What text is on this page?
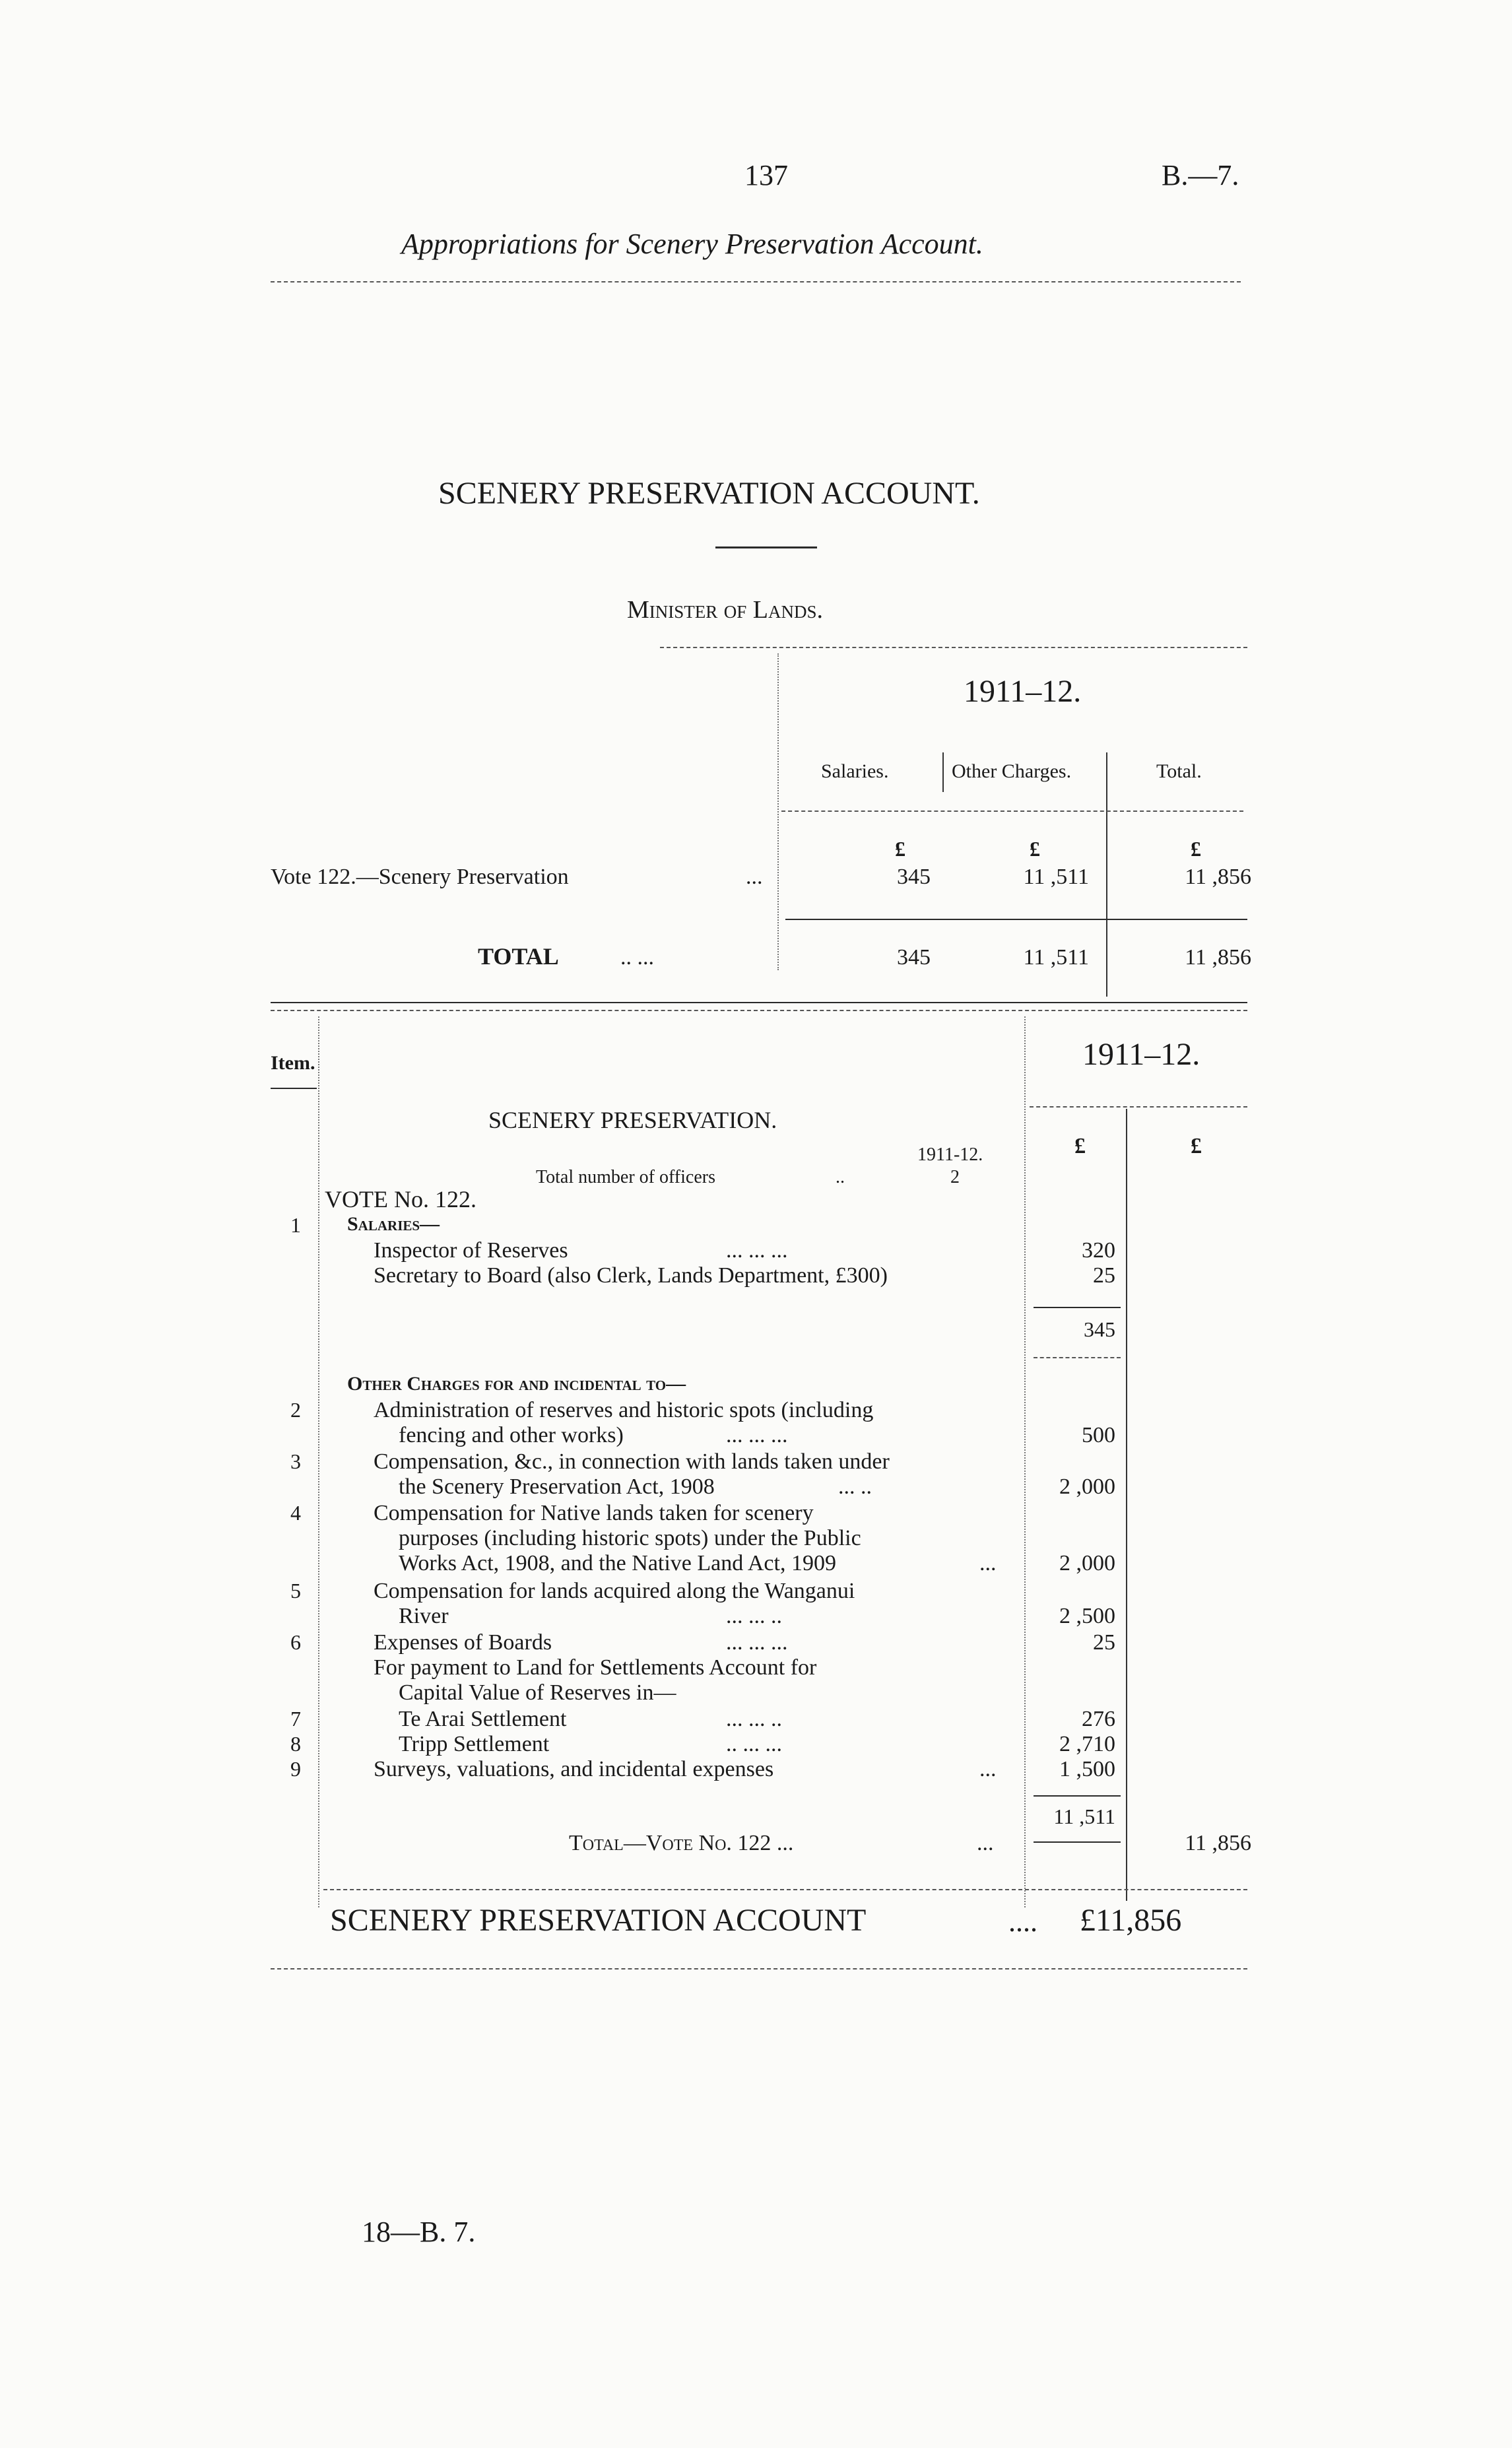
137	B.—7.
Appropriations for Scenery Preservation Account.
SCENERY PRESERVATION ACCOUNT.
Minister of Lands.
1911–12.
Salaries.	Other Charges.	Total.
£	£	£
Vote 122.—Scenery Preservation	...	345	11 ,511	11 ,856
TOTAL	.. ...	345	11 ,511	11 ,856
Item.	1911–12.
SCENERY PRESERVATION.
£	£
1911-12.
Total number of officers	..	2
VOTE No. 122.
1 Salaries—
Inspector of Reserves	... ... ...	320
Secretary to Board (also Clerk, Lands Department, £300)	25
345
Other Charges for and incidental to—
2	Administration of reserves and historic spots (including
fencing and other works)	... ... ...	500
3	Compensation, &c., in connection with lands taken under
the Scenery Preservation Act, 1908	... ..	2 ,000
4	Compensation for Native lands taken for scenery
purposes (including historic spots) under the Public
Works Act, 1908, and the Native Land Act, 1909	...	2 ,000
5	Compensation for lands acquired along the Wanganui
River	... ... ..	2 ,500
6	Expenses of Boards	... ... ...	25
For payment to Land for Settlements Account for
Capital Value of Reserves in—
7	Te Arai Settlement	... ... ..	276
8	Tripp Settlement	.. ... ...	2 ,710
9	Surveys, valuations, and incidental expenses	...	1 ,500
11 ,511
Total—Vote No. 122 ...	...	11 ,856
SCENERY PRESERVATION ACCOUNT	.... £11,856
18—B. 7.
